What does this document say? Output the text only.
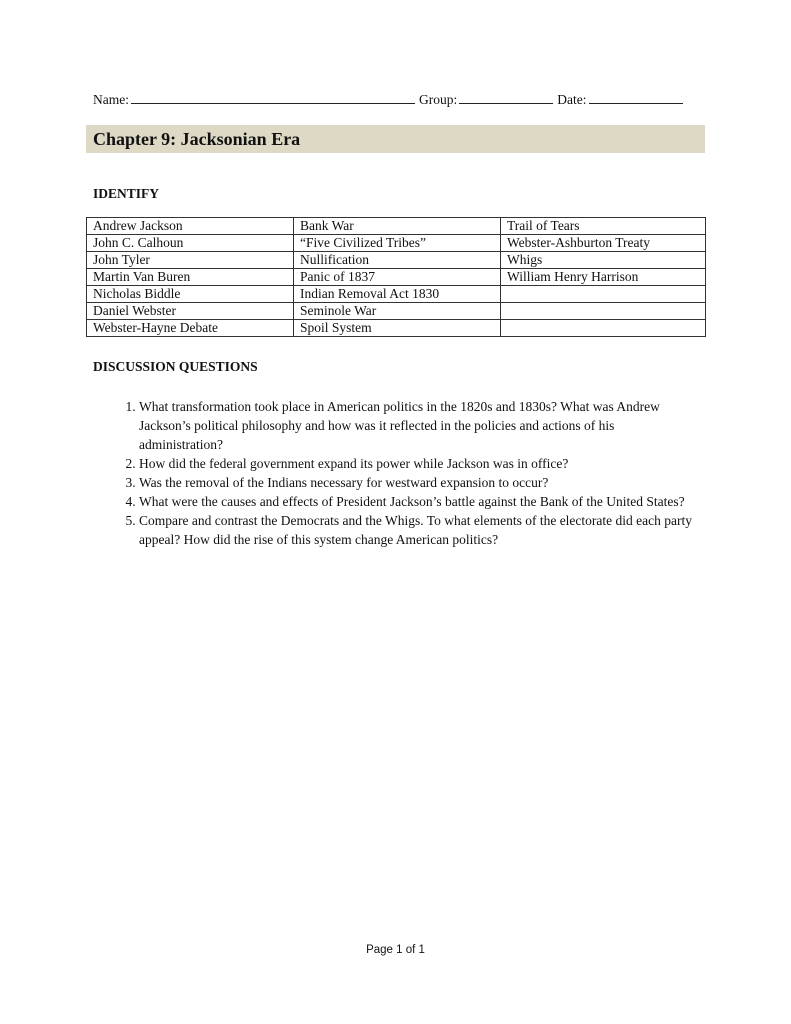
Name:	Group:	Date:
Chapter 9: Jacksonian Era
IDENTIFY
Andrew Jackson	Bank War	Trail of Tears
John C. Calhoun	“Five Civilized Tribes”	Webster-Ashburton Treaty
John Tyler	Nullification	Whigs
Martin Van Buren	Panic of 1837	William Henry Harrison
Nicholas Biddle	Indian Removal Act 1830	
Daniel Webster	Seminole War	
Webster-Hayne Debate	Spoil System	
DISCUSSION QUESTIONS
1. What transformation took place in American politics in the 1820s and 1830s? What was Andrew Jackson’s political philosophy and how was it reflected in the policies and actions of his administration?
2. How did the federal government expand its power while Jackson was in office?
3. Was the removal of the Indians necessary for westward expansion to occur?
4. What were the causes and effects of President Jackson’s battle against the Bank of the United States?
5. Compare and contrast the Democrats and the Whigs. To what elements of the electorate did each party appeal? How did the rise of this system change American politics?
Page 1 of 1
